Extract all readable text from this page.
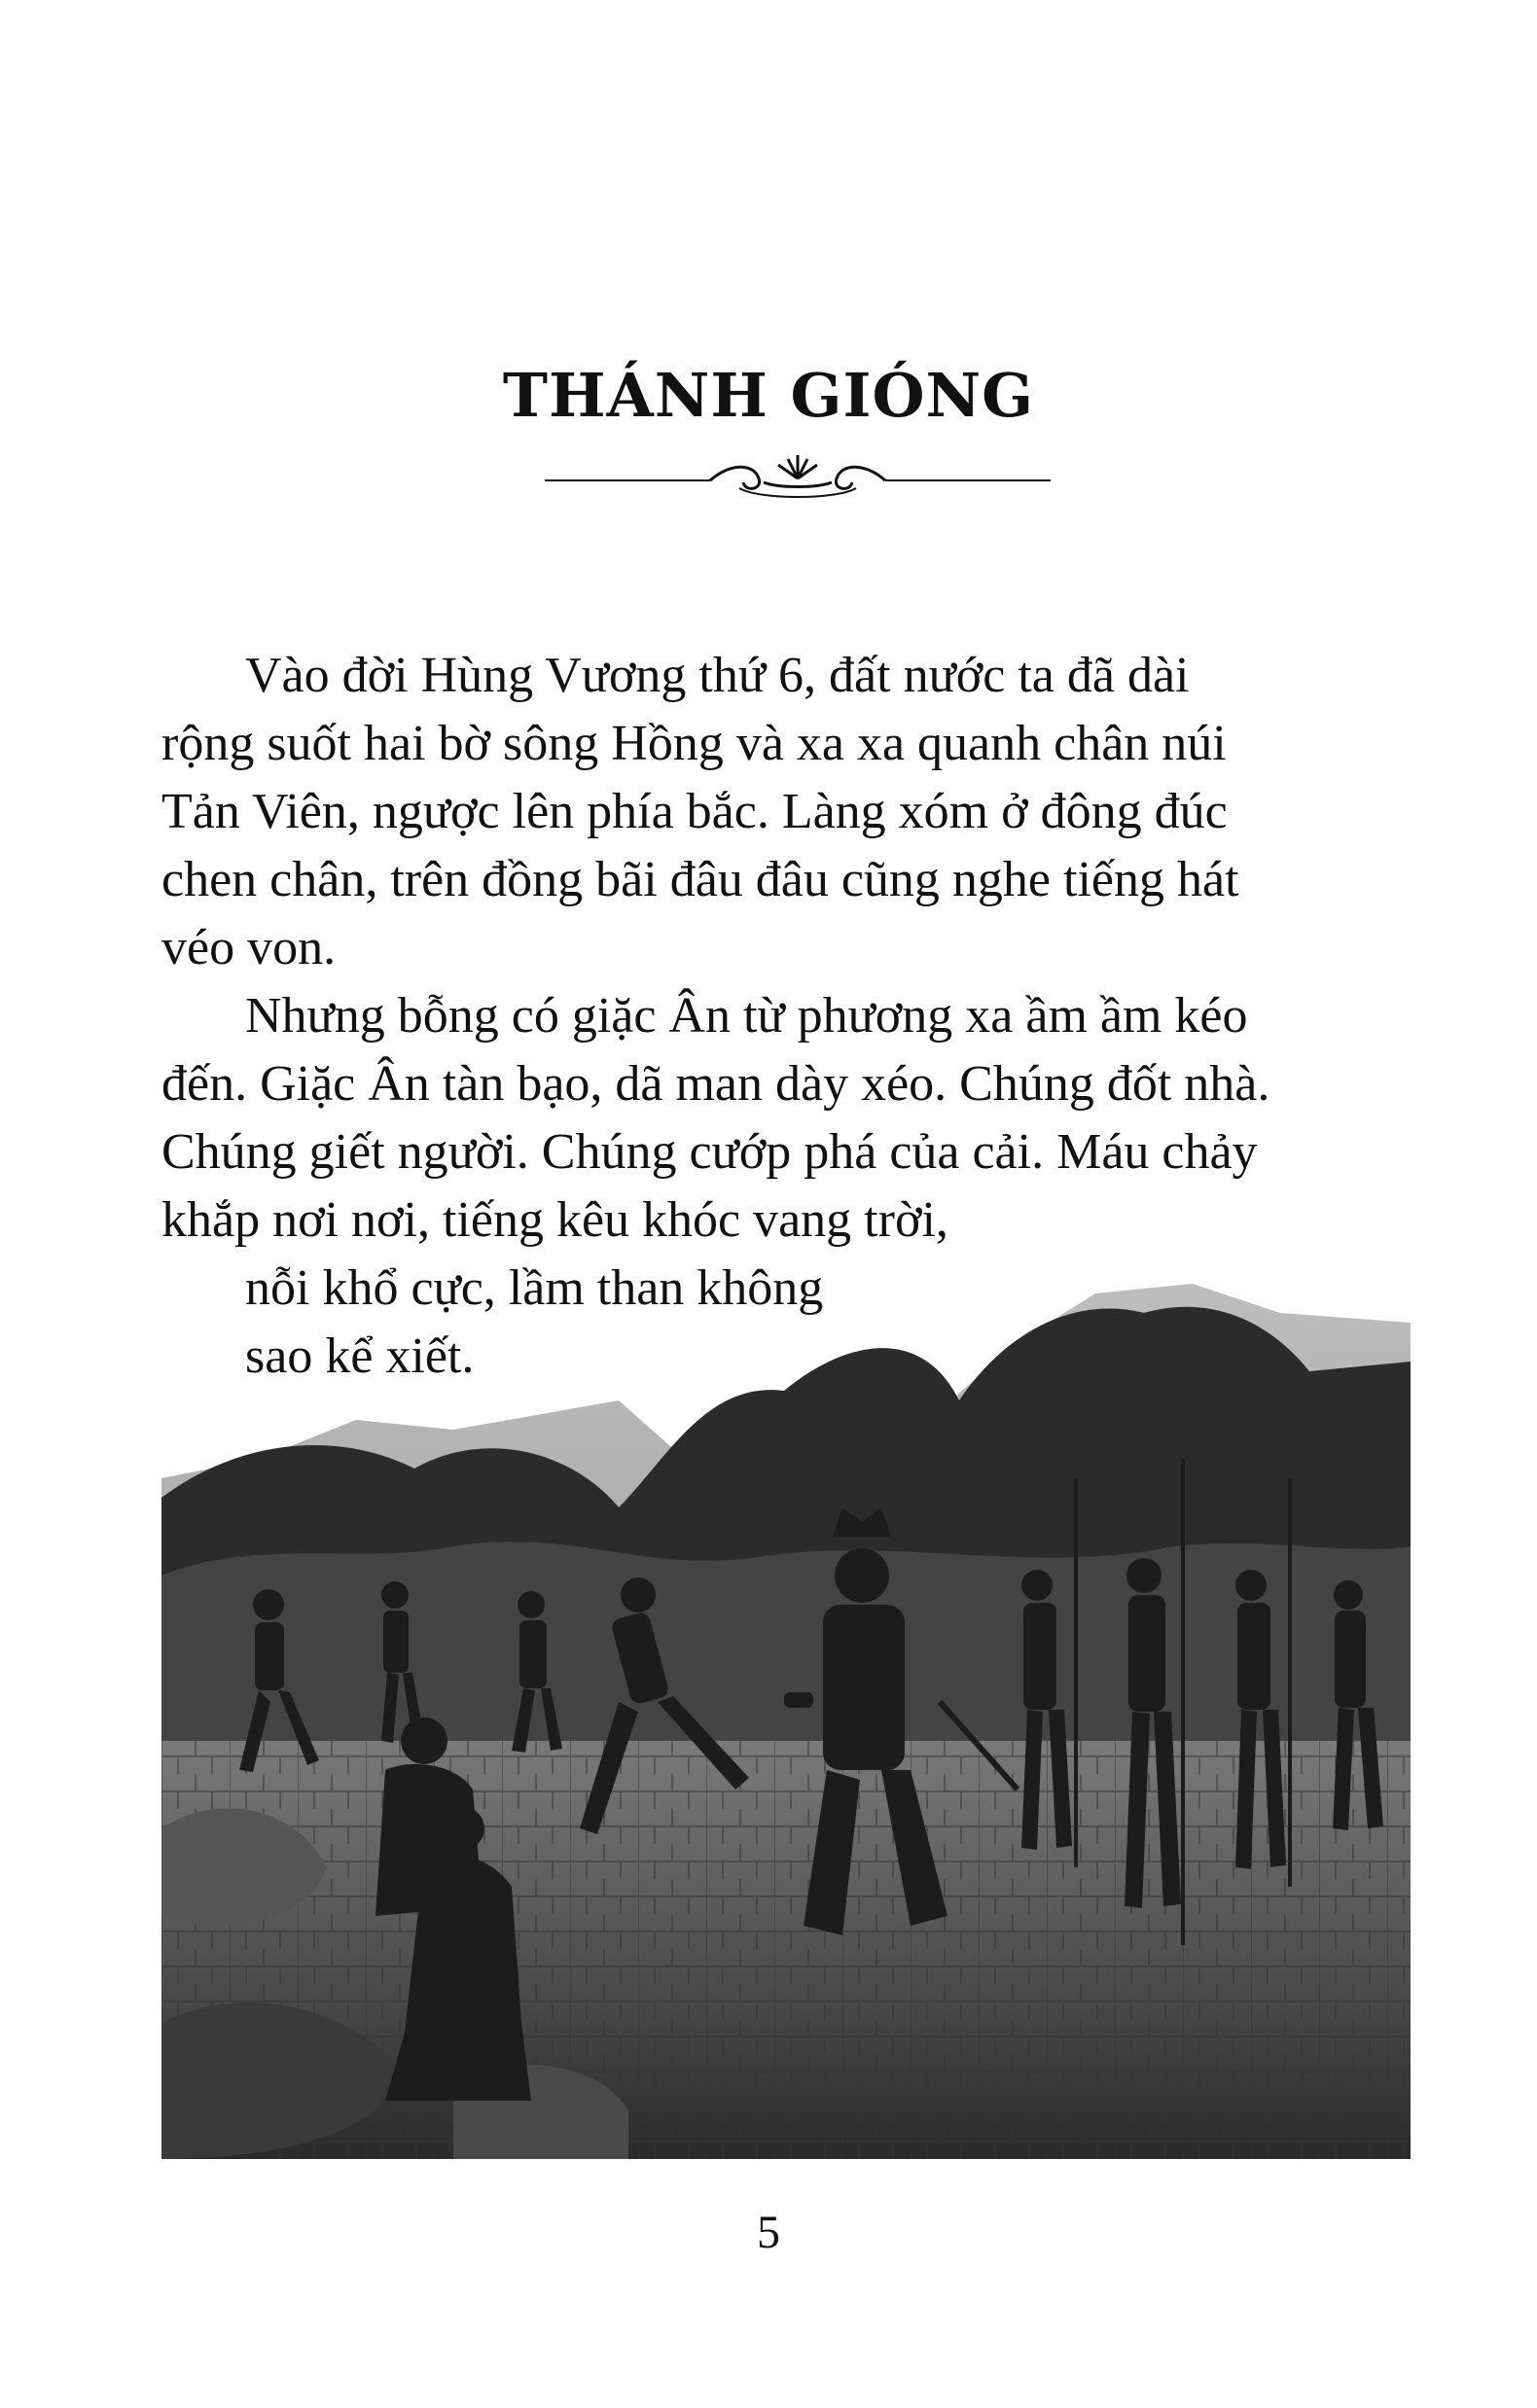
THÁNH GIÓNG

Vào đời Hùng Vương thứ 6, đất nước ta đã dài
rộng suốt hai bờ sông Hồng và xa xa quanh chân núi
Tản Viên, ngược lên phía bắc. Làng xóm ở đông đúc
chen chân, trên đồng bãi đâu đâu cũng nghe tiếng hát
véo von.

Nhưng bỗng có giặc Ân từ phương xa ầm ầm kéo
đến. Giặc Ân tàn bạo, dã man dày xéo. Chúng đốt nhà.
Chúng giết người. Chúng cướp phá của cải. Máu chảy
khắp nơi nơi, tiếng kêu khóc vang trời,

nỗi khổ cực, lầm than không
sao kể xiết.

5
